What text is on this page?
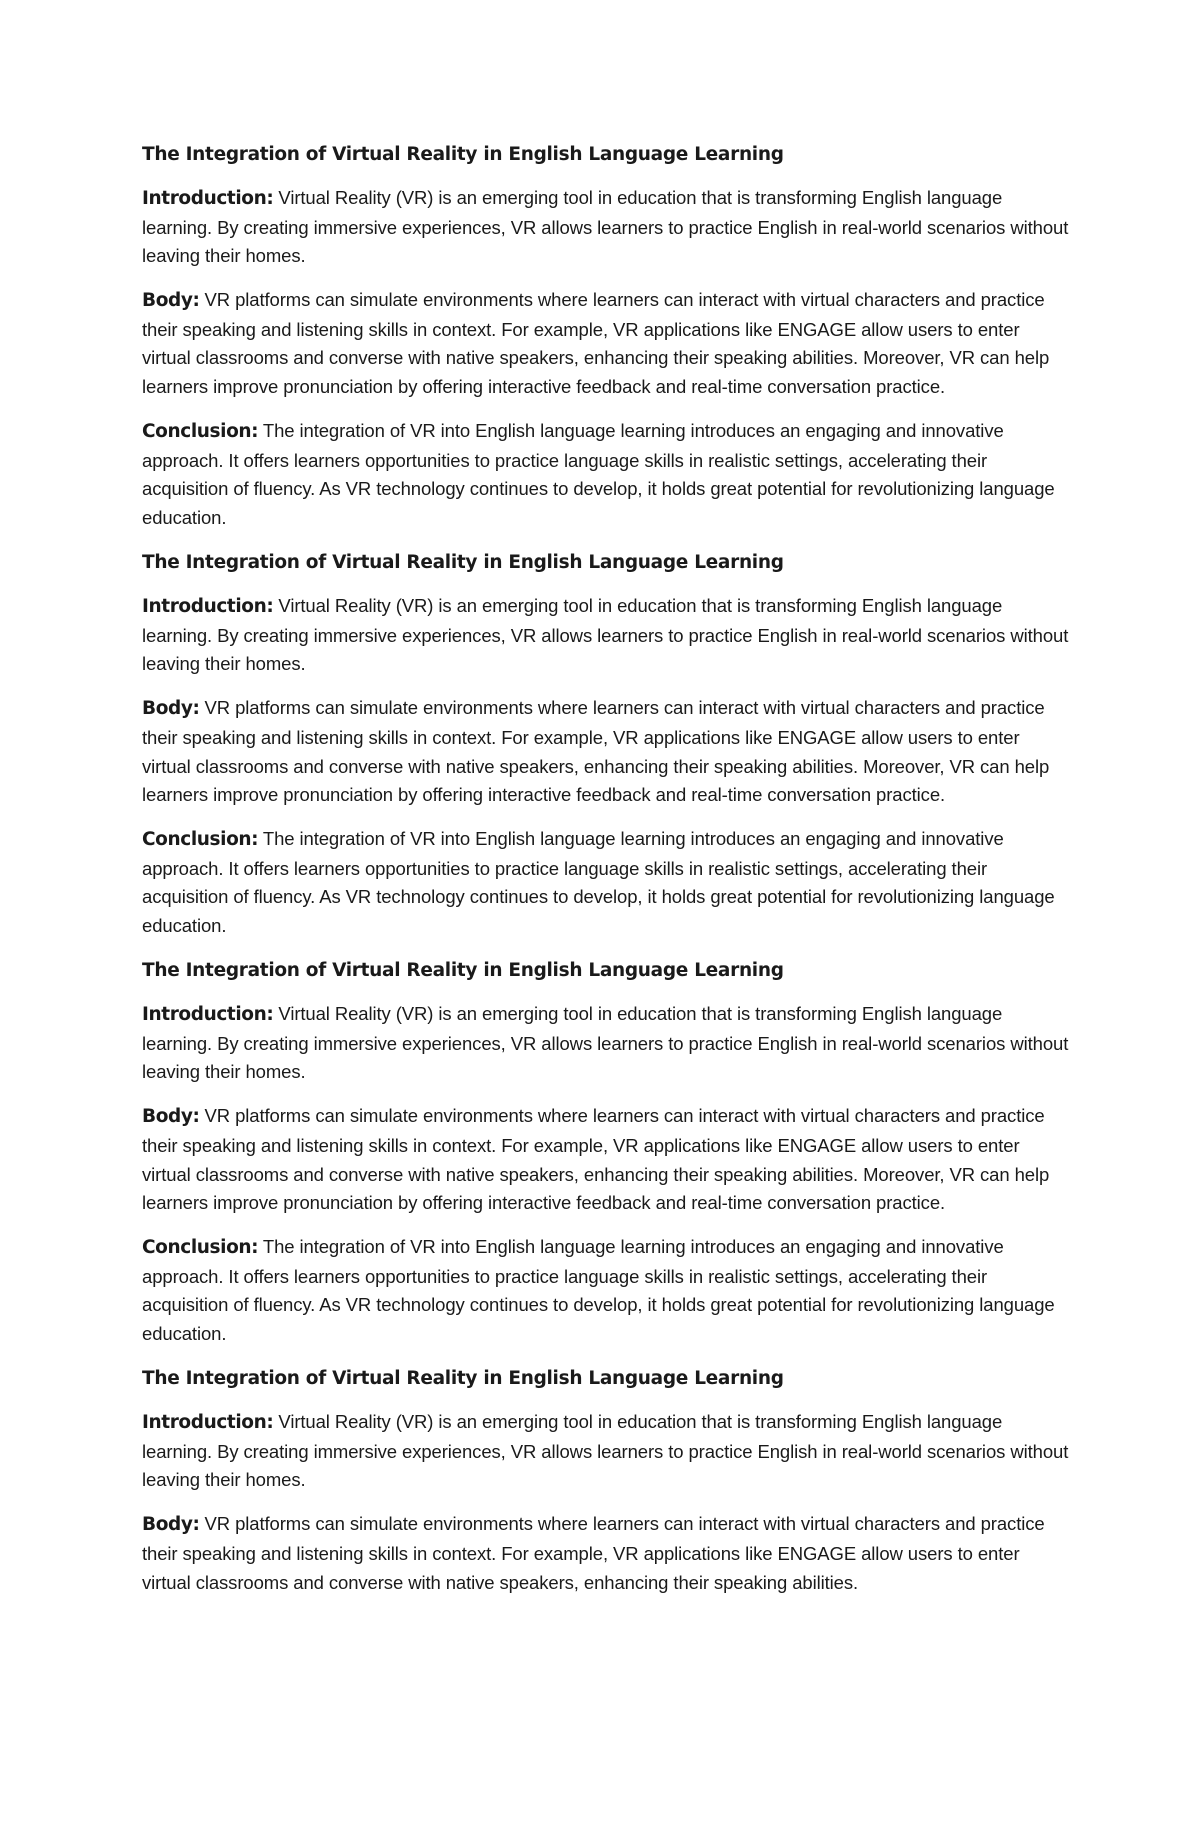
The Integration of Virtual Reality in English Language Learning

Introduction: Virtual Reality (VR) is an emerging tool in education that is transforming English language learning. By creating immersive experiences, VR allows learners to practice English in real-world scenarios without leaving their homes.

Body: VR platforms can simulate environments where learners can interact with virtual characters and practice their speaking and listening skills in context. For example, VR applications like ENGAGE allow users to enter virtual classrooms and converse with native speakers, enhancing their speaking abilities. Moreover, VR can help learners improve pronunciation by offering interactive feedback and real-time conversation practice.

Conclusion: The integration of VR into English language learning introduces an engaging and innovative approach. It offers learners opportunities to practice language skills in realistic settings, accelerating their acquisition of fluency. As VR technology continues to develop, it holds great potential for revolutionizing language education.

The Integration of Virtual Reality in English Language Learning

Introduction: Virtual Reality (VR) is an emerging tool in education that is transforming English language learning. By creating immersive experiences, VR allows learners to practice English in real-world scenarios without leaving their homes.

Body: VR platforms can simulate environments where learners can interact with virtual characters and practice their speaking and listening skills in context. For example, VR applications like ENGAGE allow users to enter virtual classrooms and converse with native speakers, enhancing their speaking abilities. Moreover, VR can help learners improve pronunciation by offering interactive feedback and real-time conversation practice.

Conclusion: The integration of VR into English language learning introduces an engaging and innovative approach. It offers learners opportunities to practice language skills in realistic settings, accelerating their acquisition of fluency. As VR technology continues to develop, it holds great potential for revolutionizing language education.

The Integration of Virtual Reality in English Language Learning

Introduction: Virtual Reality (VR) is an emerging tool in education that is transforming English language learning. By creating immersive experiences, VR allows learners to practice English in real-world scenarios without leaving their homes.

Body: VR platforms can simulate environments where learners can interact with virtual characters and practice their speaking and listening skills in context. For example, VR applications like ENGAGE allow users to enter virtual classrooms and converse with native speakers, enhancing their speaking abilities. Moreover, VR can help learners improve pronunciation by offering interactive feedback and real-time conversation practice.

Conclusion: The integration of VR into English language learning introduces an engaging and innovative approach. It offers learners opportunities to practice language skills in realistic settings, accelerating their acquisition of fluency. As VR technology continues to develop, it holds great potential for revolutionizing language education.

The Integration of Virtual Reality in English Language Learning

Introduction: Virtual Reality (VR) is an emerging tool in education that is transforming English language learning. By creating immersive experiences, VR allows learners to practice English in real-world scenarios without leaving their homes.

Body: VR platforms can simulate environments where learners can interact with virtual characters and practice their speaking and listening skills in context. For example, VR applications like ENGAGE allow users to enter virtual classrooms and converse with native speakers, enhancing their speaking abilities.
